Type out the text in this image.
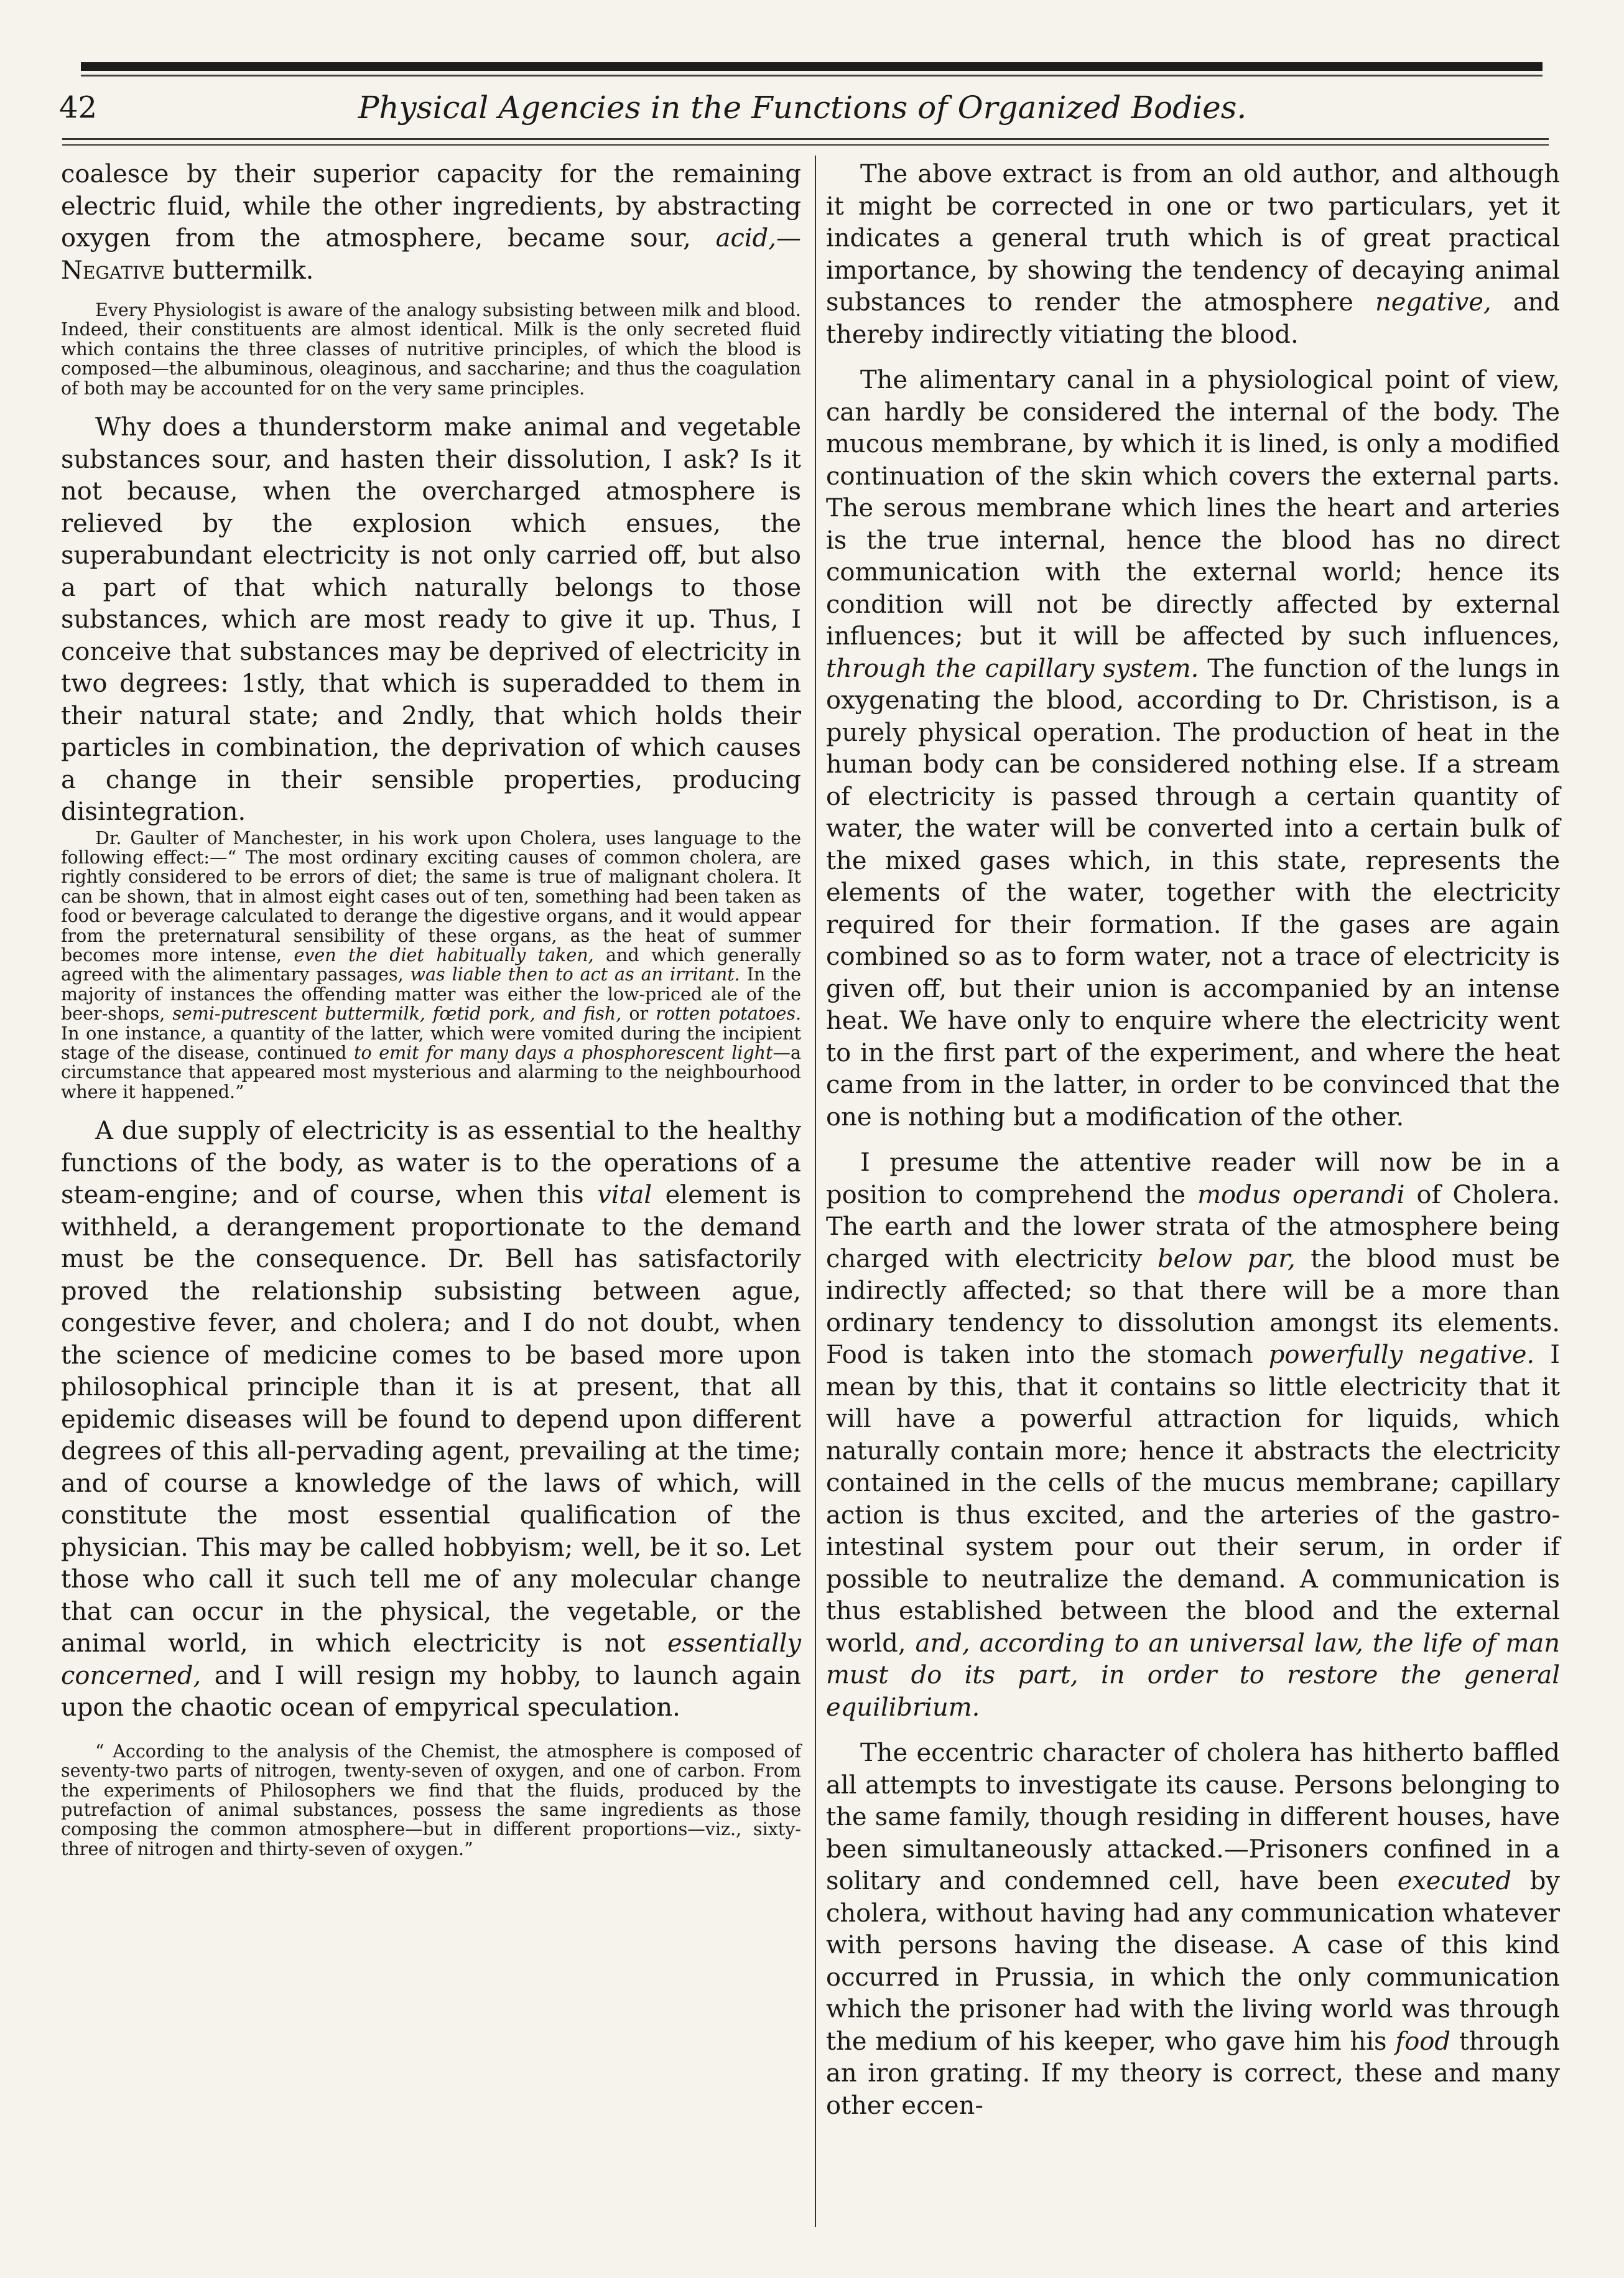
42	Physical Agencies in the Functions of Organized Bodies.

coalesce by their superior capacity for the remaining electric fluid, while the other ingredients, by abstracting oxygen from the atmosphere, became sour, acid,—Negative buttermilk.

Every Physiologist is aware of the analogy subsisting between milk and blood. Indeed, their constituents are almost identical. Milk is the only secreted fluid which contains the three classes of nutritive principles, of which the blood is composed—the albuminous, oleaginous, and saccharine; and thus the coagulation of both may be accounted for on the very same principles.

Why does a thunderstorm make animal and vegetable substances sour, and hasten their dissolution, I ask? Is it not because, when the overcharged atmosphere is relieved by the explosion which ensues, the superabundant electricity is not only carried off, but also a part of that which naturally belongs to those substances, which are most ready to give it up. Thus, I conceive that substances may be deprived of electricity in two degrees: 1stly, that which is superadded to them in their natural state; and 2ndly, that which holds their particles in combination, the deprivation of which causes a change in their sensible properties, producing disintegration.

Dr. Gaulter of Manchester, in his work upon Cholera, uses language to the following effect:—“ The most ordinary exciting causes of common cholera, are rightly considered to be errors of diet; the same is true of malignant cholera. It can be shown, that in almost eight cases out of ten, something had been taken as food or beverage calculated to derange the digestive organs, and it would appear from the preternatural sensibility of these organs, as the heat of summer becomes more intense, even the diet habitually taken, and which generally agreed with the alimentary passages, was liable then to act as an irritant. In the majority of instances the offending matter was either the low-priced ale of the beer-shops, semi-putrescent buttermilk, fœtid pork, and fish, or rotten potatoes. In one instance, a quantity of the latter, which were vomited during the incipient stage of the disease, continued to emit for many days a phosphorescent light—a circumstance that appeared most mysterious and alarming to the neighbourhood where it happened.”

A due supply of electricity is as essential to the healthy functions of the body, as water is to the operations of a steam-engine; and of course, when this vital element is withheld, a derangement proportionate to the demand must be the consequence. Dr. Bell has satisfactorily proved the relationship subsisting between ague, congestive fever, and cholera; and I do not doubt, when the science of medicine comes to be based more upon philosophical principle than it is at present, that all epidemic diseases will be found to depend upon different degrees of this all-pervading agent, prevailing at the time; and of course a knowledge of the laws of which, will constitute the most essential qualification of the physician. This may be called hobbyism; well, be it so. Let those who call it such tell me of any molecular change that can occur in the physical, the vegetable, or the animal world, in which electricity is not essentially concerned, and I will resign my hobby, to launch again upon the chaotic ocean of empyrical speculation.

“ According to the analysis of the Chemist, the atmosphere is composed of seventy-two parts of nitrogen, twenty-seven of oxygen, and one of carbon. From the experiments of Philosophers we find that the fluids, produced by the putrefaction of animal substances, possess the same ingredients as those composing the common atmosphere—but in different proportions—viz., sixty-three of nitrogen and thirty-seven of oxygen.”

The above extract is from an old author, and although it might be corrected in one or two particulars, yet it indicates a general truth which is of great practical importance, by showing the tendency of decaying animal substances to render the atmosphere negative, and thereby indirectly vitiating the blood.

The alimentary canal in a physiological point of view, can hardly be considered the internal of the body. The mucous membrane, by which it is lined, is only a modified continuation of the skin which covers the external parts. The serous membrane which lines the heart and arteries is the true internal, hence the blood has no direct communication with the external world; hence its condition will not be directly affected by external influences; but it will be affected by such influences, through the capillary system. The function of the lungs in oxygenating the blood, according to Dr. Christison, is a purely physical operation. The production of heat in the human body can be considered nothing else. If a stream of electricity is passed through a certain quantity of water, the water will be converted into a certain bulk of the mixed gases which, in this state, represents the elements of the water, together with the electricity required for their formation. If the gases are again combined so as to form water, not a trace of electricity is given off, but their union is accompanied by an intense heat. We have only to enquire where the electricity went to in the first part of the experiment, and where the heat came from in the latter, in order to be convinced that the one is nothing but a modification of the other.

I presume the attentive reader will now be in a position to comprehend the modus operandi of Cholera. The earth and the lower strata of the atmosphere being charged with electricity below par, the blood must be indirectly affected; so that there will be a more than ordinary tendency to dissolution amongst its elements. Food is taken into the stomach powerfully negative. I mean by this, that it contains so little electricity that it will have a powerful attraction for liquids, which naturally contain more; hence it abstracts the electricity contained in the cells of the mucus membrane; capillary action is thus excited, and the arteries of the gastro-intestinal system pour out their serum, in order if possible to neutralize the demand. A communication is thus established between the blood and the external world, and, according to an universal law, the life of man must do its part, in order to restore the general equilibrium.

The eccentric character of cholera has hitherto baffled all attempts to investigate its cause. Persons belonging to the same family, though residing in different houses, have been simultaneously attacked.—Prisoners confined in a solitary and condemned cell, have been executed by cholera, without having had any communication whatever with persons having the disease. A case of this kind occurred in Prussia, in which the only communication which the prisoner had with the living world was through the medium of his keeper, who gave him his food through an iron grating. If my theory is correct, these and many other eccen-
